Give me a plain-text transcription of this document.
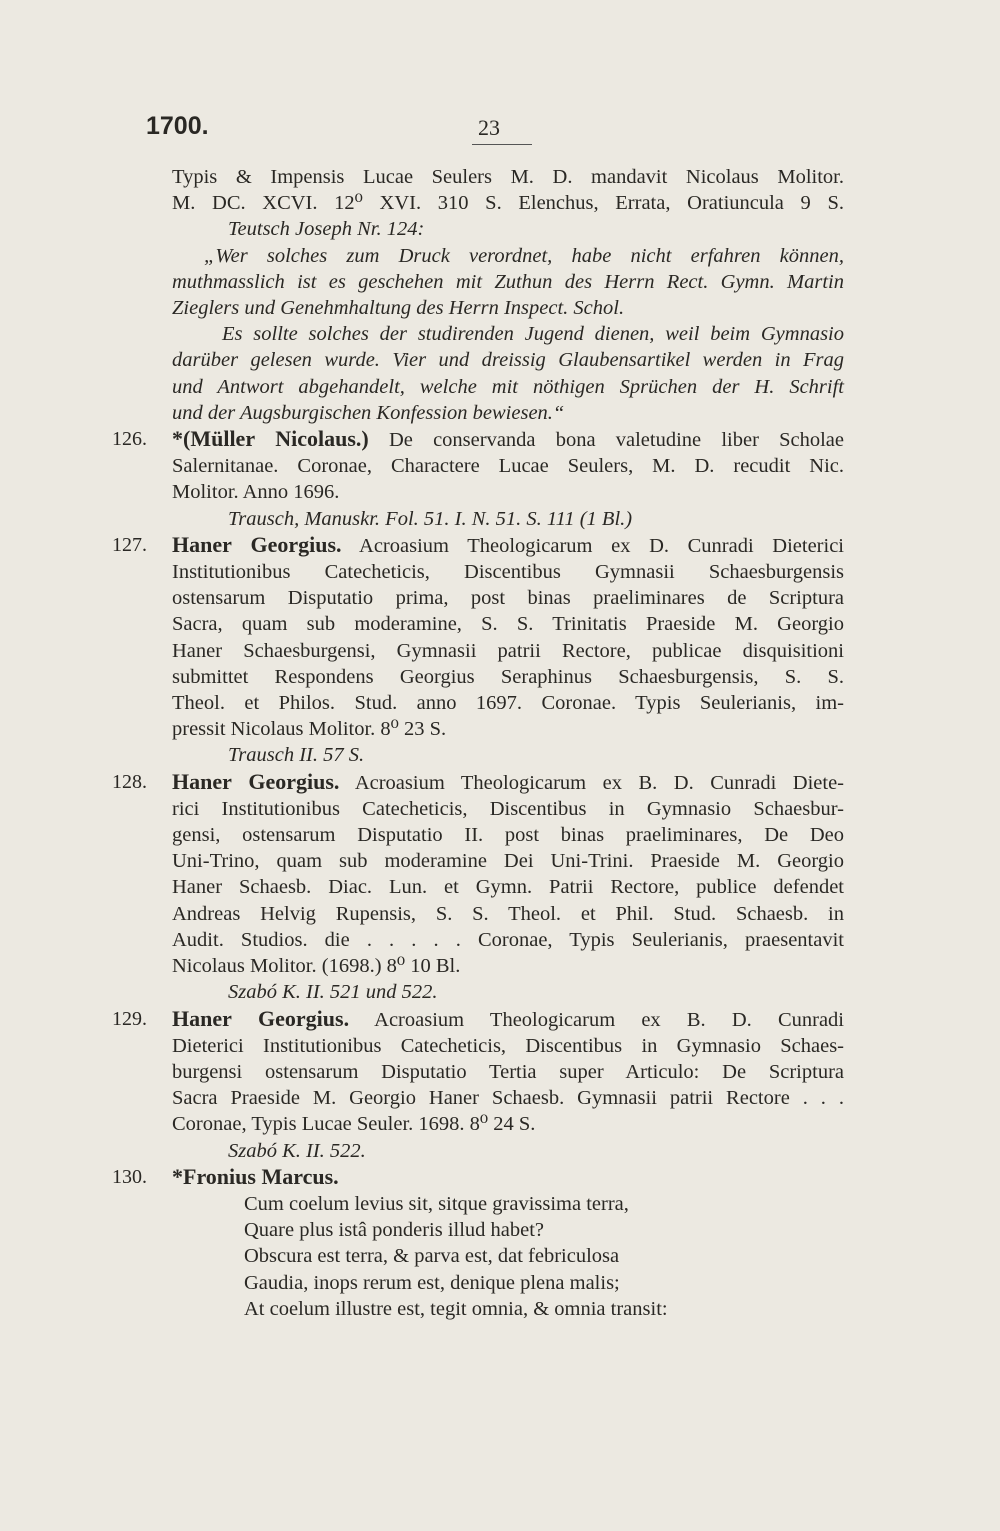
1700.	23
Typis & Impensis Lucae Seulers M. D. mandavit Nicolaus Molitor.
M. DC. XCVI. 12⁰ XVI. 310 S. Elenchus, Errata, Oratiuncula 9 S.
Teutsch Joseph Nr. 124:
„Wer solches zum Druck verordnet, habe nicht erfahren können,
muthmasslich ist es geschehen mit Zuthun des Herrn Rect. Gymn. Martin
Zieglers und Genehmhaltung des Herrn Inspect. Schol.
Es sollte solches der studirenden Jugend dienen, weil beim Gymnasio
darüber gelesen wurde. Vier und dreissig Glaubensartikel werden in Frag
und Antwort abgehandelt, welche mit nöthigen Sprüchen der H. Schrift
und der Augsburgischen Konfession bewiesen.“
126. *(Müller Nicolaus.) De conservanda bona valetudine liber Scholae
Salernitanae. Coronae, Charactere Lucae Seulers, M. D. recudit Nic.
Molitor. Anno 1696.
Trausch, Manuskr. Fol. 51. I. N. 51. S. 111 (1 Bl.)
127. Haner Georgius. Acroasium Theologicarum ex D. Cunradi Dieterici
Institutionibus Catecheticis, Discentibus Gymnasii Schaesburgensis
ostensarum Disputatio prima, post binas praeliminares de Scriptura
Sacra, quam sub moderamine, S. S. Trinitatis Praeside M. Georgio
Haner Schaesburgensi, Gymnasii patrii Rectore, publicae disquisitioni
submittet Respondens Georgius Seraphinus Schaesburgensis, S. S.
Theol. et Philos. Stud. anno 1697. Coronae. Typis Seulerianis, im-
pressit Nicolaus Molitor. 8⁰ 23 S.
Trausch II. 57 S.
128. Haner Georgius. Acroasium Theologicarum ex B. D. Cunradi Diete-
rici Institutionibus Catecheticis, Discentibus in Gymnasio Schaesbur-
gensi, ostensarum Disputatio II. post binas praeliminares, De Deo
Uni-Trino, quam sub moderamine Dei Uni-Trini. Praeside M. Georgio
Haner Schaesb. Diac. Lun. et Gymn. Patrii Rectore, publice defendet
Andreas Helvig Rupensis, S. S. Theol. et Phil. Stud. Schaesb. in
Audit. Studios. die . . . . . Coronae, Typis Seulerianis, praesentavit
Nicolaus Molitor. (1698.) 8⁰ 10 Bl.
Szabó K. II. 521 und 522.
129. Haner Georgius. Acroasium Theologicarum ex B. D. Cunradi
Dieterici Institutionibus Catecheticis, Discentibus in Gymnasio Schaes-
burgensi ostensarum Disputatio Tertia super Articulo: De Scriptura
Sacra Praeside M. Georgio Haner Schaesb. Gymnasii patrii Rectore . . .
Coronae, Typis Lucae Seuler. 1698. 8⁰ 24 S.
Szabó K. II. 522.
130. *Fronius Marcus.
Cum coelum levius sit, sitque gravissima terra,
Quare plus istâ ponderis illud habet?
Obscura est terra, & parva est, dat febriculosa
Gaudia, inops rerum est, denique plena malis;
At coelum illustre est, tegit omnia, & omnia transit:
